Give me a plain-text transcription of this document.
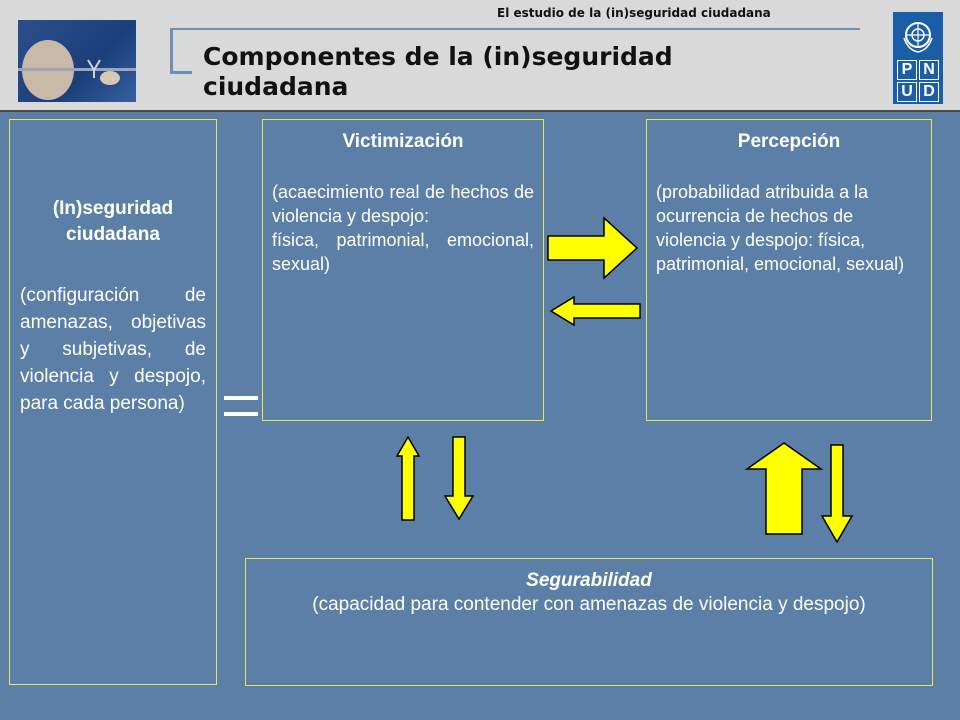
El estudio de la (in)seguridad ciudadana
Componentes de la (in)seguridad ciudadana
P N
U D
(In)seguridad ciudadana
(configuración de amenazas, objetivas y subjetivas, de violencia y despojo, para cada persona)
Victimización
(acaecimiento real de hechos de violencia y despojo:
física, patrimonial, emocional, sexual)
Percepción
(probabilidad atribuida a la ocurrencia de hechos de violencia y despojo: física, patrimonial, emocional, sexual)
Segurabilidad
(capacidad para contender con amenazas de violencia y despojo)
